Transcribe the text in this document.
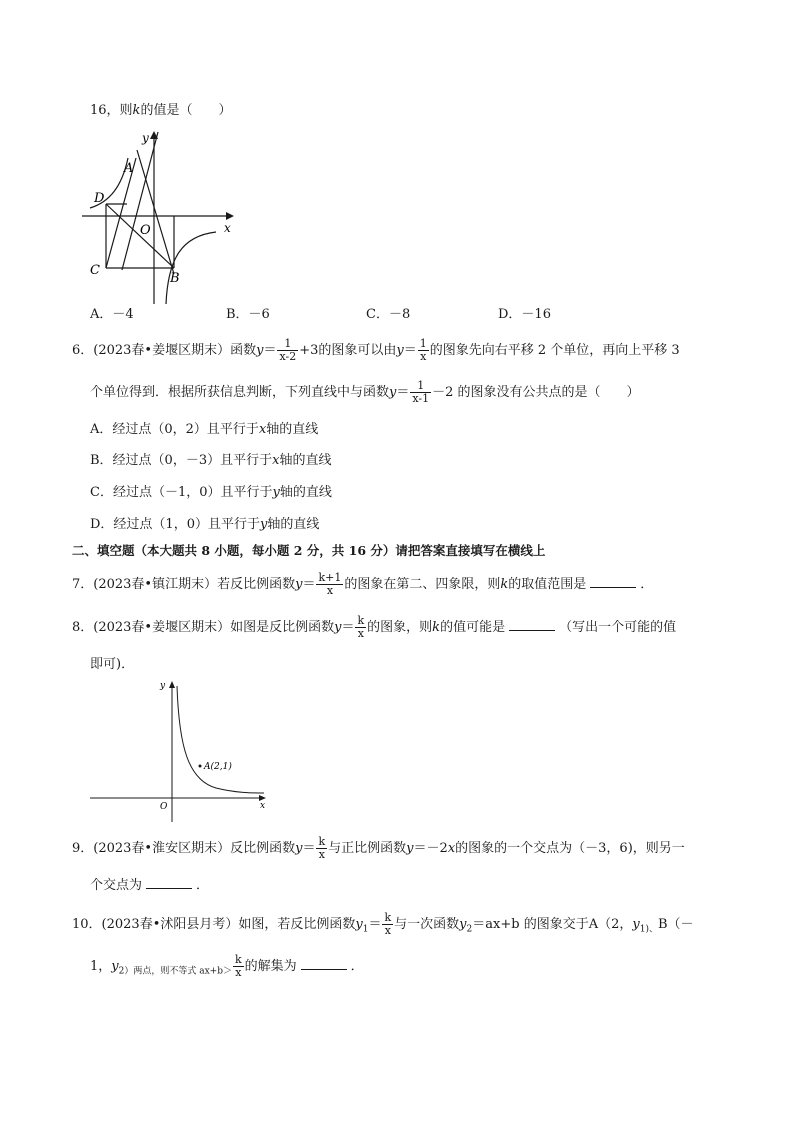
16，则k的值是（　　）
y
x
A
D
O
C
B
A．－4	B．－6	C．－8	D．－16
6．(2023春•姜堰区期末）函数$y= \frac{1}{x-2} +3$的图象可以由$y= \frac{1}{x}$ 的图象先向右平移 2 个单位，再向上平移 3
个单位得到．根据所获信息判断，下列直线中与函数$y= \frac{1}{x-1} -2$ 的图象没有公共点的是（　　）
A．经过点（0，2）且平行于x轴的直线
B．经过点（0，－3）且平行于x轴的直线
C．经过点（－1，0）且平行于y轴的直线
D．经过点（1，0）且平行于y轴的直线
二、填空题（本大题共 8 小题，每小题 2 分，共 16 分）请把答案直接填写在横线上
7．(2023春•镇江期末）若反比例函数$y= \frac{k+1}{x}$ 的图象在第二、四象限，则k的取值范围是	．
8．(2023春•姜堰区期末）如图是反比例函数$y= \frac{k}{x}$ 的图象，则k的值可能是	（写出一个可能的值
即可)．
y
x
O
A(2,1)
9．(2023春•淮安区期末）反比例函数$y= \frac{k}{x}$ 与正比例函数y＝－2x的图象的一个交点为（－3，6)，则另一
个交点为	．
10．(2023春•沭阳县月考）如图，若反比例函数$y_1= \frac{k}{x}$ 与一次函数$y_2=ax+b$ 的图象交于A（2，$y_{1)、}B(-$
1，$y_{2)两点,则不等式 ax+b>} \frac{k}{x}$ 的解集为	．
